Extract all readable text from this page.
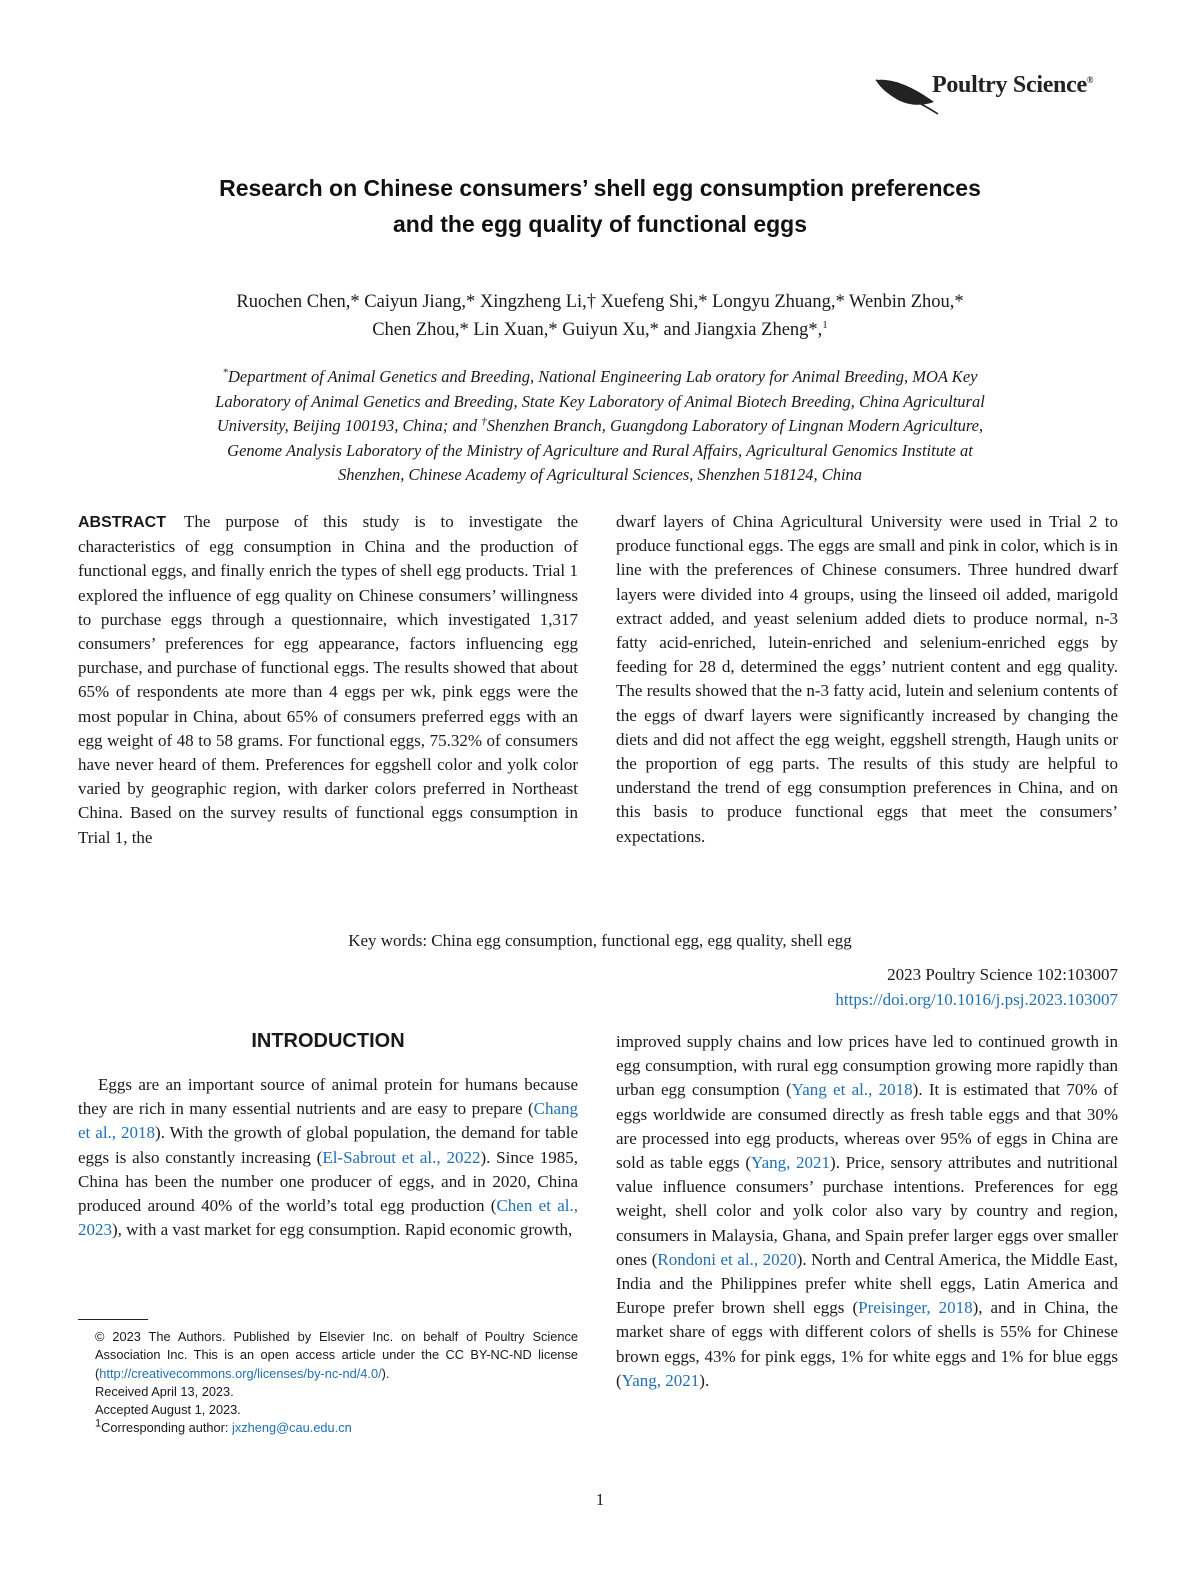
Poultry Science®
Research on Chinese consumers’ shell egg consumption preferences
and the egg quality of functional eggs
Ruochen Chen,* Caiyun Jiang,* Xingzheng Li,† Xuefeng Shi,* Longyu Zhuang,* Wenbin Zhou,*
Chen Zhou,* Lin Xuan,* Guiyun Xu,* and Jiangxia Zheng*,$^1$
*Department of Animal Genetics and Breeding, National Engineering Lab oratory for Animal Breeding, MOA Key
Laboratory of Animal Genetics and Breeding, State Key Laboratory of Animal Biotech Breeding, China Agricultural
University, Beijing 100193, China; and †Shenzhen Branch, Guangdong Laboratory of Lingnan Modern Agriculture,
Genome Analysis Laboratory of the Ministry of Agriculture and Rural Affairs, Agricultural Genomics Institute at
Shenzhen, Chinese Academy of Agricultural Sciences, Shenzhen 518124, China
ABSTRACT The purpose of this study is to investigate the characteristics of egg consumption in China and the production of functional eggs, and finally enrich the types of shell egg products. Trial 1 explored the influence of egg quality on Chinese consumers’ willingness to purchase eggs through a questionnaire, which investigated 1,317 consumers’ preferences for egg appearance, factors influencing egg purchase, and purchase of functional eggs. The results showed that about 65% of respondents ate more than 4 eggs per wk, pink eggs were the most popular in China, about 65% of consumers preferred eggs with an egg weight of 48 to 58 grams. For functional eggs, 75.32% of consumers have never heard of them. Preferences for eggshell color and yolk color varied by geographic region, with darker colors preferred in Northeast China. Based on the survey results of functional eggs consumption in Trial 1, the
dwarf layers of China Agricultural University were used in Trial 2 to produce functional eggs. The eggs are small and pink in color, which is in line with the preferences of Chinese consumers. Three hundred dwarf layers were divided into 4 groups, using the linseed oil added, marigold extract added, and yeast selenium added diets to produce normal, n-3 fatty acid-enriched, lutein-enriched and selenium-enriched eggs by feeding for 28 d, determined the eggs’ nutrient content and egg quality. The results showed that the n-3 fatty acid, lutein and selenium contents of the eggs of dwarf layers were significantly increased by changing the diets and did not affect the egg weight, eggshell strength, Haugh units or the proportion of egg parts. The results of this study are helpful to understand the trend of egg consumption preferences in China, and on this basis to produce functional eggs that meet the consumers’ expectations.
Key words: China egg consumption, functional egg, egg quality, shell egg
2023 Poultry Science 102:103007
https://doi.org/10.1016/j.psj.2023.103007
INTRODUCTION

Eggs are an important source of animal protein for humans because they are rich in many essential nutrients and are easy to prepare (Chang et al., 2018). With the growth of global population, the demand for table eggs is also constantly increasing (El-Sabrout et al., 2022). Since 1985, China has been the number one producer of eggs, and in 2020, China produced around 40% of the world’s total egg production (Chen et al., 2023), with a vast market for egg consumption. Rapid economic growth,

improved supply chains and low prices have led to continued growth in egg consumption, with rural egg consumption growing more rapidly than urban egg consumption (Yang et al., 2018). It is estimated that 70% of eggs worldwide are consumed directly as fresh table eggs and that 30% are processed into egg products, whereas over 95% of eggs in China are sold as table eggs (Yang, 2021). Price, sensory attributes and nutritional value influence consumers’ purchase intentions. Preferences for egg weight, shell color and yolk color also vary by country and region, consumers in Malaysia, Ghana, and Spain prefer larger eggs over smaller ones (Rondoni et al., 2020). North and Central America, the Middle East, India and the Philippines prefer white shell eggs, Latin America and Europe prefer brown shell eggs (Preisinger, 2018), and in China, the market share of eggs with different colors of shells is 55% for Chinese brown eggs, 43% for pink eggs, 1% for white eggs and 1% for blue eggs (Yang, 2021).

© 2023 The Authors. Published by Elsevier Inc. on behalf of Poultry Science Association Inc. This is an open access article under the CC BY-NC-ND license (http://creativecommons.org/licenses/by-nc-nd/4.0/).

Received April 13, 2023.

Accepted August 1, 2023.

$^1$Corresponding author: jxzheng@cau.edu.cn

1
